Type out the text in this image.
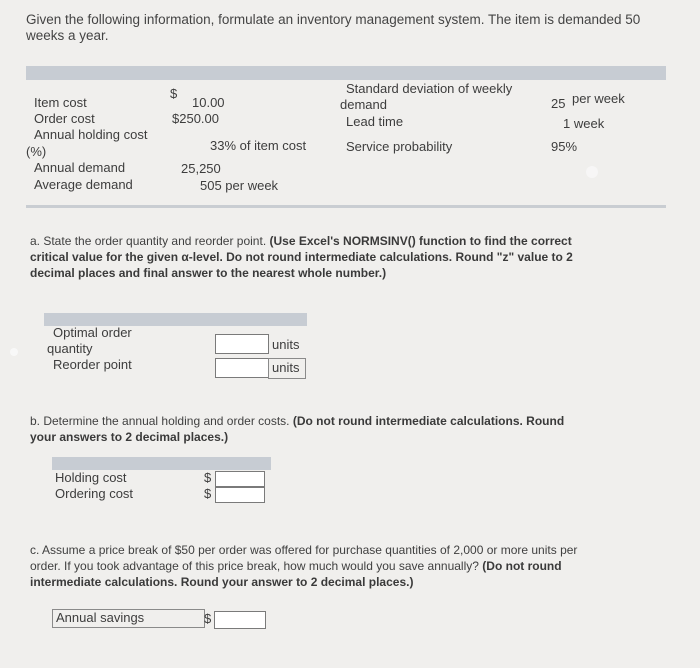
Given the following information, formulate an inventory management system. The item is demanded 50 weeks a year.
Item cost
Order cost
Annual holding cost
(%)
Annual demand
Average demand
$
10.00
$250.00
33% of item cost
25,250
505 per week
Standard deviation of weekly
demand
Lead time
Service probability
25 per week
1 week
95%
a. State the order quantity and reorder point. (Use Excel's NORMSINV() function to find the correct critical value for the given α-level. Do not round intermediate calculations. Round "z" value to 2 decimal places and final answer to the nearest whole number.)
Optimal order
quantity
Reorder point
units
units
b. Determine the annual holding and order costs. (Do not round intermediate calculations. Round your answers to 2 decimal places.)
Holding cost
Ordering cost
$
$
c. Assume a price break of $50 per order was offered for purchase quantities of 2,000 or more units per order. If you took advantage of this price break, how much would you save annually? (Do not round intermediate calculations. Round your answer to 2 decimal places.)
Annual savings	$
